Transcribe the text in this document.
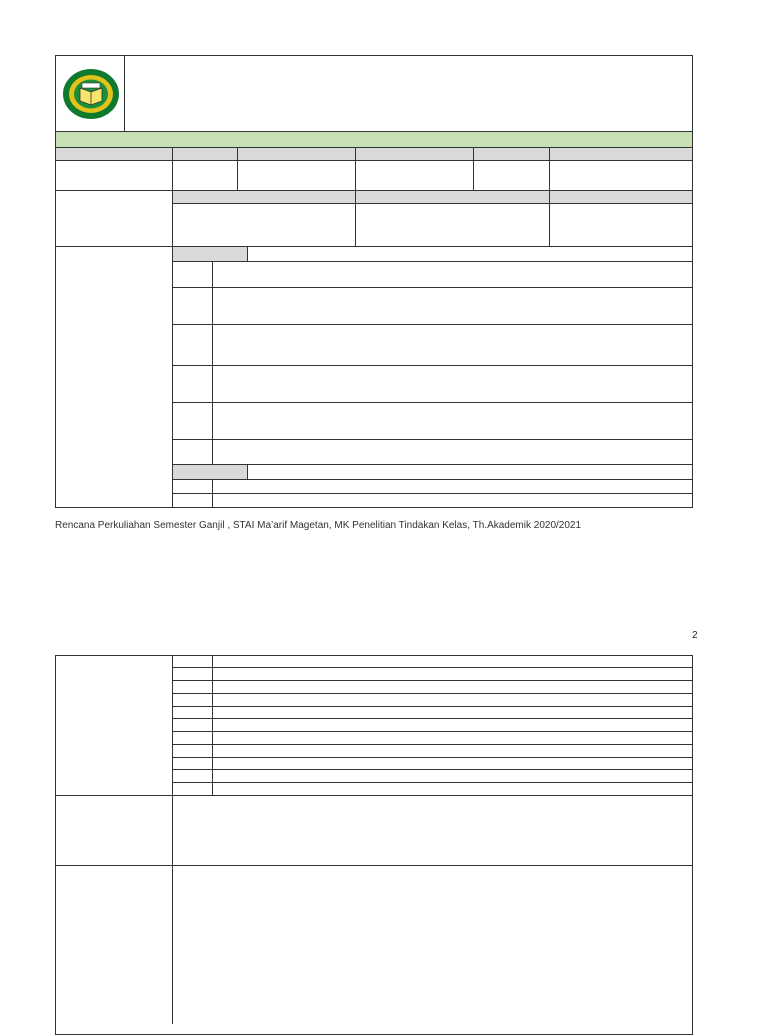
Rencana Perkuliahan Semester Ganjil , STAI Ma’arif Magetan, MK Penelitian Tindakan Kelas, Th.Akademik 2020/2021
2
